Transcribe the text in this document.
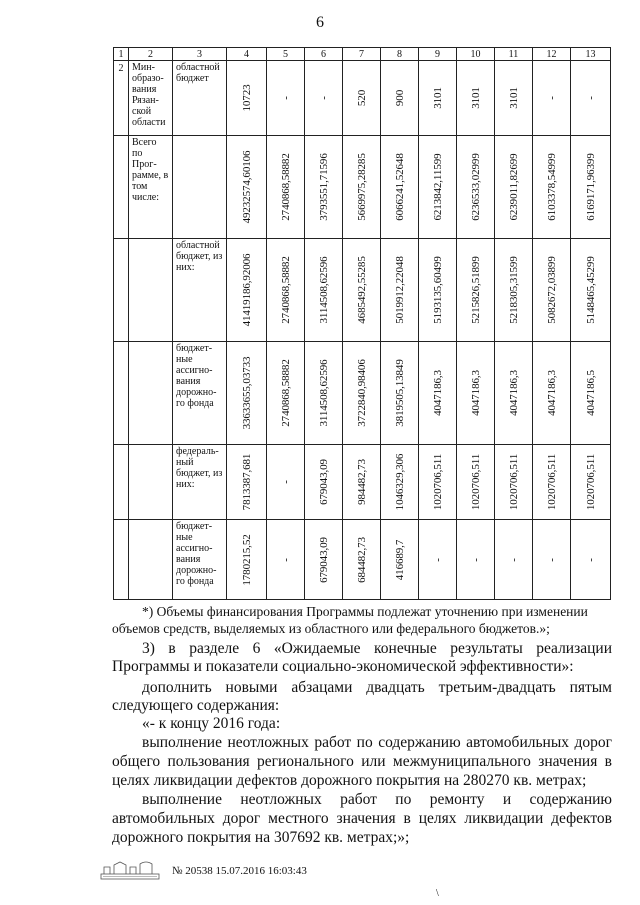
6
1	2	3	4	5	6	7	8	9	10	11	12	13
2	Мин-образо-вания Рязан-ской области	областной бюджет	10723	-	-	520	900	3101	3101	3101	-	-

	Всего по Прог-рамме, в том числе:		49232574,60106	2740868,58882	3793551,71596	5669975,28285	6066241,52648	6213842,11599	6236533,02999	6239011,82699	6103378,54999	6169171,96399

		областной бюджет, из них:	41419186,92006	2740868,58882	3114508,62596	4685492,55285	5019912,22048	5193135,60499	5215826,51899	5218305,31599	5082672,03899	5148465,45299

		бюджет-ные ассигно-вания дорожно-го фонда	33633655,03733	2740868,58882	3114508,62596	3722840,98406	3819505,13849	4047186,3	4047186,3	4047186,3	4047186,3	4047186,5

		федераль-ный бюджет, из них:	7813387,681	-	679043,09	984482,73	1046329,306	1020706,511	1020706,511	1020706,511	1020706,511	1020706,511

		бюджет-ные ассигно-вания дорожно-го фонда	1780215,52	-	679043,09	684482,73	416689,7	-	-	-	-	-
*) Объемы финансирования Программы подлежат уточнению при изменении объемов средств, выделяемых из областного или федерального бюджетов.»;
3) в разделе 6 «Ожидаемые конечные результаты реализации
Программы и показатели социально-экономической эффективности»:
дополнить новыми абзацами двадцать третьим-двадцать пятым
следующего содержания:
«- к концу 2016 года:
выполнение неотложных работ по содержанию автомобильных дорог
общего пользования регионального или межмуниципального значения в
целях ликвидации дефектов дорожного покрытия на 280270 кв. метрах;
выполнение неотложных работ по ремонту и содержанию
автомобильных дорог местного значения в целях ликвидации дефектов
дорожного покрытия на 307692 кв. метрах;»;
№ 20538 15.07.2016 16:03:43
\
